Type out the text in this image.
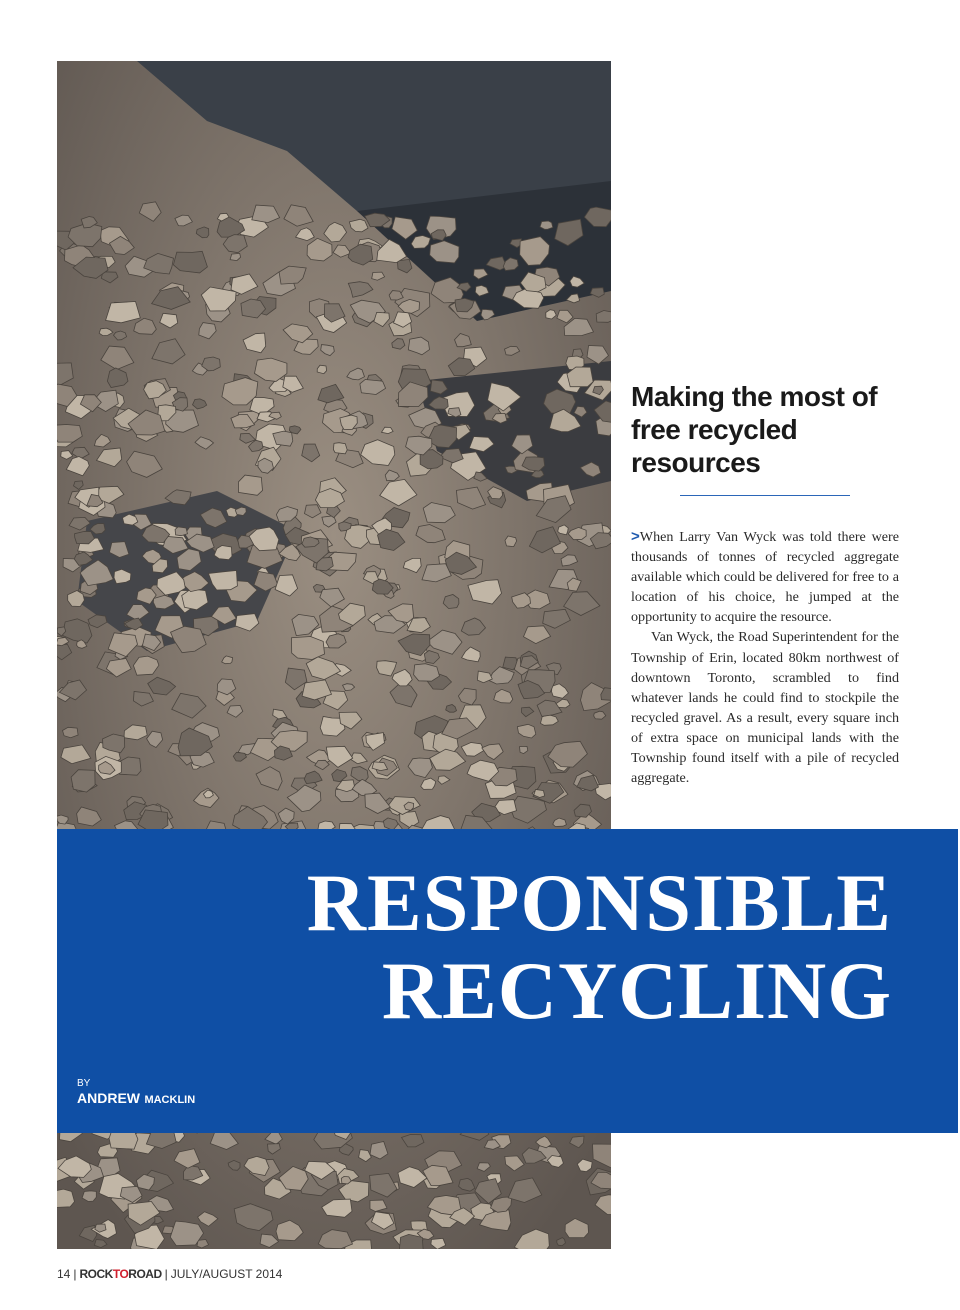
Making the most of free recycled resources

>When Larry Van Wyck was told there were thousands of tonnes of recycled aggregate available which could be delivered for free to a location of his choice, he jumped at the opportunity to acquire the resource.

Van Wyck, the Road Superintendent for the Township of Erin, located 80km northwest of downtown Toronto, scrambled to find whatever lands he could find to stockpile the recycled gravel. As a result, every square inch of extra space on municipal lands with the Township found itself with a pile of recycled aggregate.

RESPONSIBLE
RECYCLING
BY
ANDREW MACKLIN
14 | ROCKTOROAD | JULY/AUGUST 2014
